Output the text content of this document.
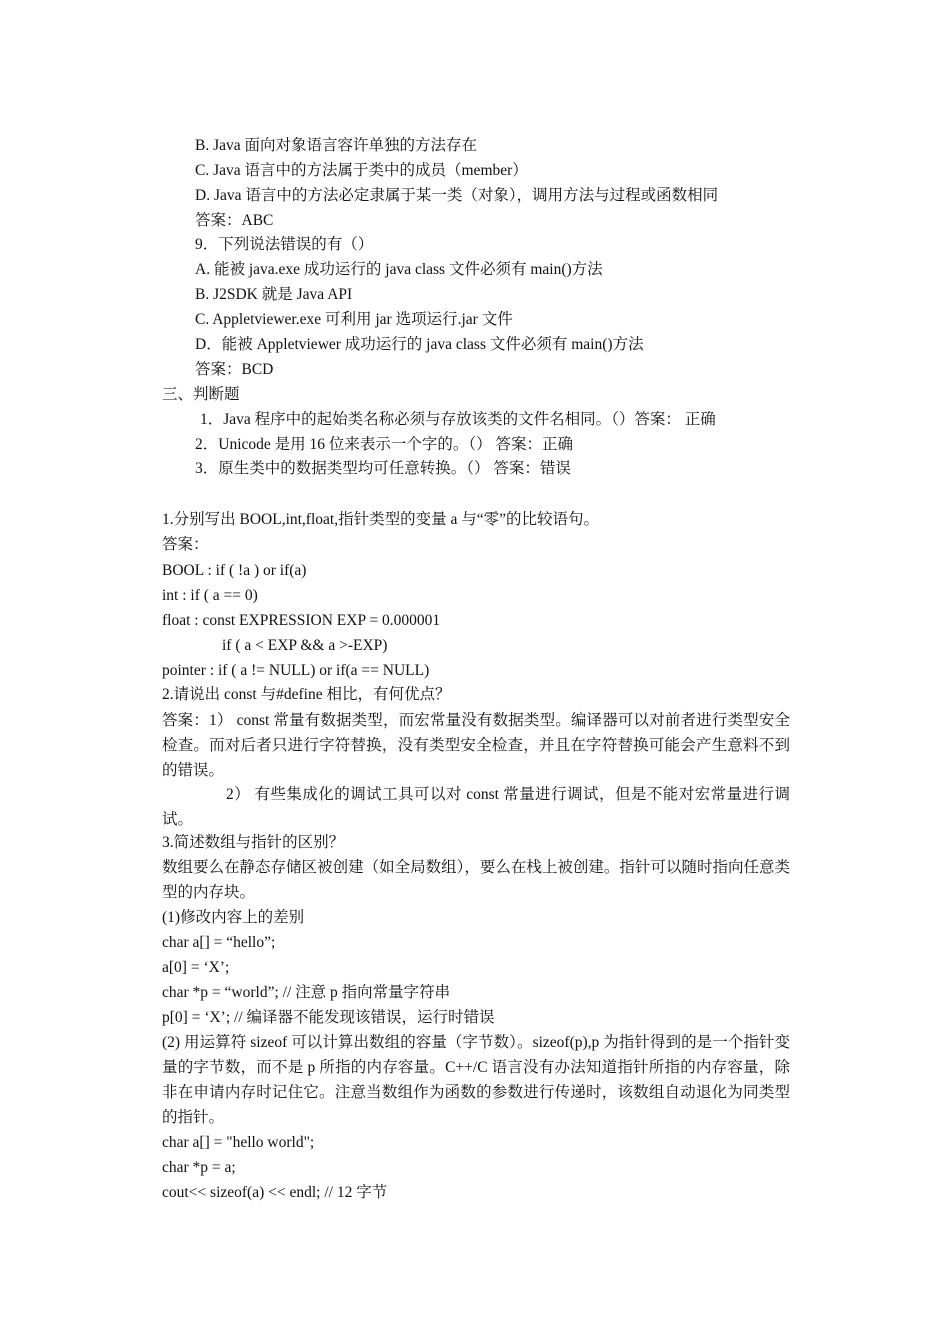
B. Java 面向对象语言容许单独的方法存在
C. Java 语言中的方法属于类中的成员（member）
D. Java 语言中的方法必定隶属于某一类（对象），调用方法与过程或函数相同
答案：ABC
9．下列说法错误的有（）
A. 能被 java.exe 成功运行的 java class 文件必须有 main()方法
B. J2SDK 就是 Java API
C. Appletviewer.exe 可利用 jar 选项运行.jar 文件
D．能被 Appletviewer 成功运行的 java class 文件必须有 main()方法
答案：BCD
三、判断题
1．Java 程序中的起始类名称必须与存放该类的文件名相同。（）答案： 正确
2．Unicode 是用 16 位来表示一个字的。（） 答案：正确
3．原生类中的数据类型均可任意转换。（） 答案：错误
1.分别写出 BOOL,int,float,指针类型的变量 a 与“零”的比较语句。
答案：
BOOL : if ( !a ) or if(a)
int : if ( a == 0)
float : const EXPRESSION EXP = 0.000001
if ( a < EXP && a >-EXP)
pointer : if ( a != NULL) or if(a == NULL)
2.请说出 const 与#define 相比，有何优点？
答案：1） const 常量有数据类型，而宏常量没有数据类型。编译器可以对前者进行类型安全检查。而对后者只进行字符替换，没有类型安全检查，并且在字符替换可能会产生意料不到的错误。
2） 有些集成化的调试工具可以对 const 常量进行调试，但是不能对宏常量进行调试。
3.简述数组与指针的区别？
数组要么在静态存储区被创建（如全局数组），要么在栈上被创建。指针可以随时指向任意类型的内存块。
(1)修改内容上的差别
char a[] = “hello”;
a[0] = ‘X’;
char *p = “world”; // 注意 p 指向常量字符串
p[0] = ‘X’; // 编译器不能发现该错误，运行时错误
(2) 用运算符 sizeof 可以计算出数组的容量（字节数）。sizeof(p),p 为指针得到的是一个指针变量的字节数，而不是 p 所指的内存容量。C++/C 语言没有办法知道指针所指的内存容量，除非在申请内存时记住它。注意当数组作为函数的参数进行传递时，该数组自动退化为同类型的指针。
char a[] = "hello world";
char *p = a;
cout<< sizeof(a) << endl; // 12 字节
